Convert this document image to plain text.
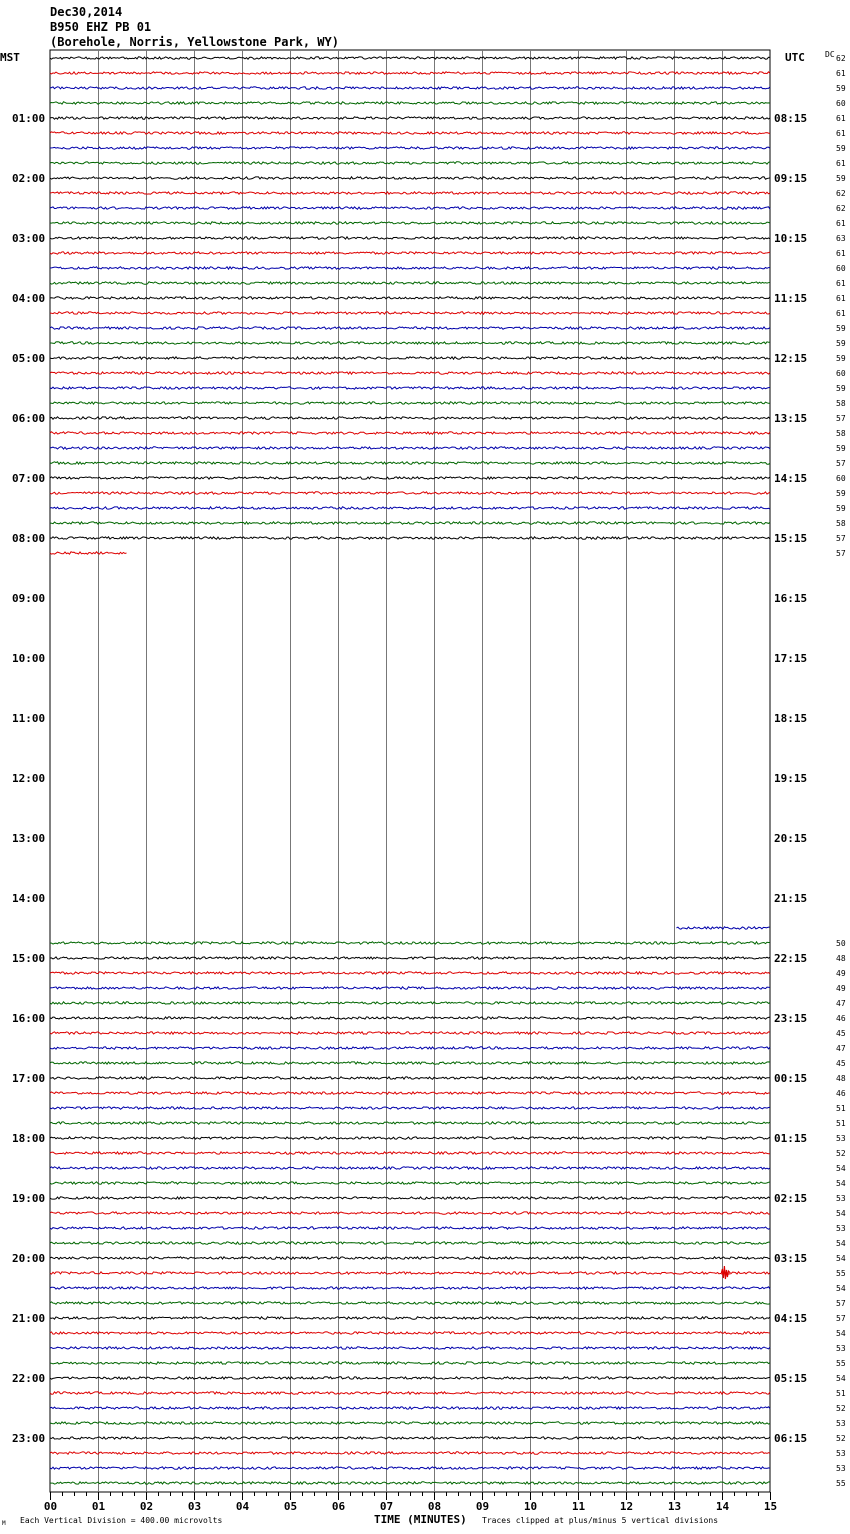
Dec30,2014
B950 EHZ PB 01
(Borehole, Norris, Yellowstone Park, WY)
MST	UTC	DC
01:00
02:00
03:00
04:00
05:00
06:00
07:00
08:00
09:00
10:00
11:00
12:00
13:00
14:00
15:00
16:00
17:00
18:00
19:00
20:00
21:00
22:00
23:00
08:15
09:15
10:15
11:15
12:15
13:15
14:15
15:15
16:15
17:15
18:15
19:15
20:15
21:15
22:15
23:15
00:15
01:15
02:15
03:15
04:15
05:15
06:15
62
61
59
60
61
61
59
61
59
62
62
61
63
61
60
61
61
61
59
59
59
60
59
58
57
58
59
57
60
59
59
58
57
57
50
48
49
49
47
46
45
47
45
48
46
51
51
53
52
54
54
53
54
53
54
54
55
54
57
57
54
53
55
54
51
52
53
52
53
53
55
00	01	02	03	04	05	06	07	08	09	10	11	12	13	14	15
M Each Vertical Division = 400.00 microvolts	TIME (MINUTES) Traces clipped at plus/minus 5 vertical divisions
